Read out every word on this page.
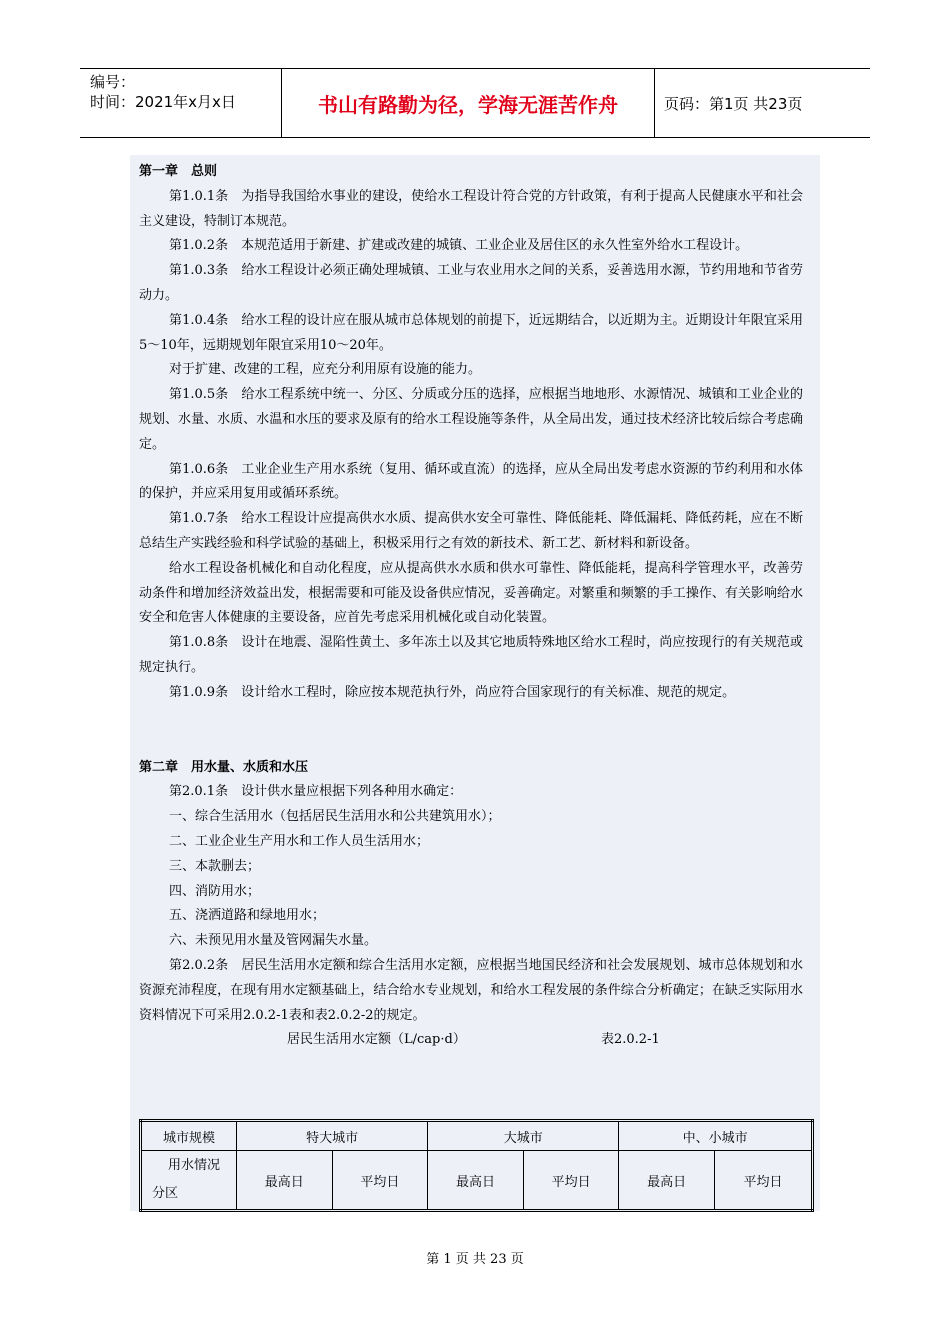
编号：
时间：2021年x月x日	书山有路勤为径，学海无涯苦作舟	页码：第1页 共23页

第一章　总则

第1.0.1条　为指导我国给水事业的建设，使给水工程设计符合党的方针政策，有利于提高人民健康水平和社会主义建设，特制订本规范。

第1.0.2条　本规范适用于新建、扩建或改建的城镇、工业企业及居住区的永久性室外给水工程设计。

第1.0.3条　给水工程设计必须正确处理城镇、工业与农业用水之间的关系，妥善选用水源，节约用地和节省劳动力。

第1.0.4条　给水工程的设计应在服从城市总体规划的前提下，近远期结合，以近期为主。近期设计年限宜采用5～10年，远期规划年限宜采用10～20年。

对于扩建、改建的工程，应充分利用原有设施的能力。

第1.0.5条　给水工程系统中统一、分区、分质或分压的选择，应根据当地地形、水源情况、城镇和工业企业的规划、水量、水质、水温和水压的要求及原有的给水工程设施等条件，从全局出发，通过技术经济比较后综合考虑确定。

第1.0.6条　工业企业生产用水系统（复用、循环或直流）的选择，应从全局出发考虑水资源的节约利用和水体的保护，并应采用复用或循环系统。

第1.0.7条　给水工程设计应提高供水水质、提高供水安全可靠性、降低能耗、降低漏耗、降低药耗，应在不断总结生产实践经验和科学试验的基础上，积极采用行之有效的新技术、新工艺、新材料和新设备。

给水工程设备机械化和自动化程度，应从提高供水水质和供水可靠性、降低能耗，提高科学管理水平，改善劳动条件和增加经济效益出发，根据需要和可能及设备供应情况，妥善确定。对繁重和频繁的手工操作、有关影响给水安全和危害人体健康的主要设备，应首先考虑采用机械化或自动化装置。

第1.0.8条　设计在地震、湿陷性黄土、多年冻土以及其它地质特殊地区给水工程时，尚应按现行的有关规范或规定执行。

第1.0.9条　设计给水工程时，除应按本规范执行外，尚应符合国家现行的有关标准、规范的规定。

第二章　用水量、水质和水压

第2.0.1条　设计供水量应根据下列各种用水确定：

一、综合生活用水（包括居民生活用水和公共建筑用水）；

二、工业企业生产用水和工作人员生活用水；

三、本款删去；

四、消防用水；

五、浇洒道路和绿地用水；

六、未预见用水量及管网漏失水量。

第2.0.2条　居民生活用水定额和综合生活用水定额，应根据当地国民经济和社会发展规划、城市总体规划和水资源充沛程度，在现有用水定额基础上，结合给水专业规划，和给水工程发展的条件综合分析确定；在缺乏实际用水资料情况下可采用2.0.2-1表和表2.0.2-2的规定。

居民生活用水定额（L/cap·d）	表2.0.2-1
城市规模	特大城市		大城市		中、小城市	

用水情况
分区	最高日	平均日	最高日	平均日	最高日	平均日
第 1 页 共 23 页
